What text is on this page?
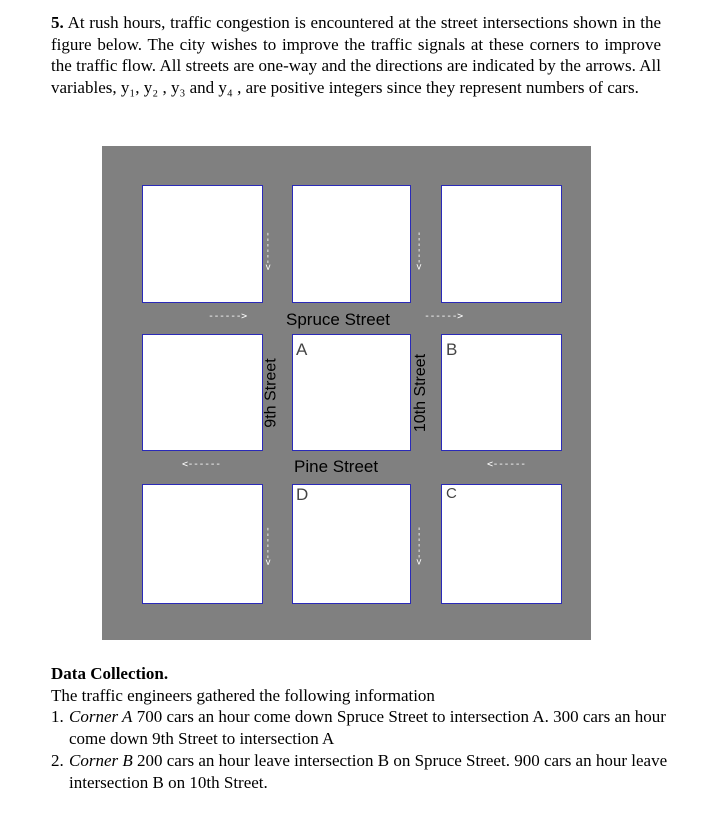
5. At rush hours, traffic congestion is encountered at the street intersections shown in the figure below. The city wishes to improve the traffic signals at these corners to improve the traffic flow. All streets are one-way and the directions are indicated by the arrows. All variables, y₁, y₂ , y₃ and y₄ , are positive integers since they represent numbers of cars.
------>	------>
<------	<------
------>
------>
<------
<------
Spruce Street
Pine Street
9th Street	10th Street
A	B
D	C
Data Collection.

The traffic engineers gathered the following information

1. Corner A 700 cars an hour come down Spruce Street to intersection A. 300 cars an hour come down 9th Street to intersection A
2. Corner B 200 cars an hour leave intersection B on Spruce Street. 900 cars an hour leave intersection B on 10th Street.
